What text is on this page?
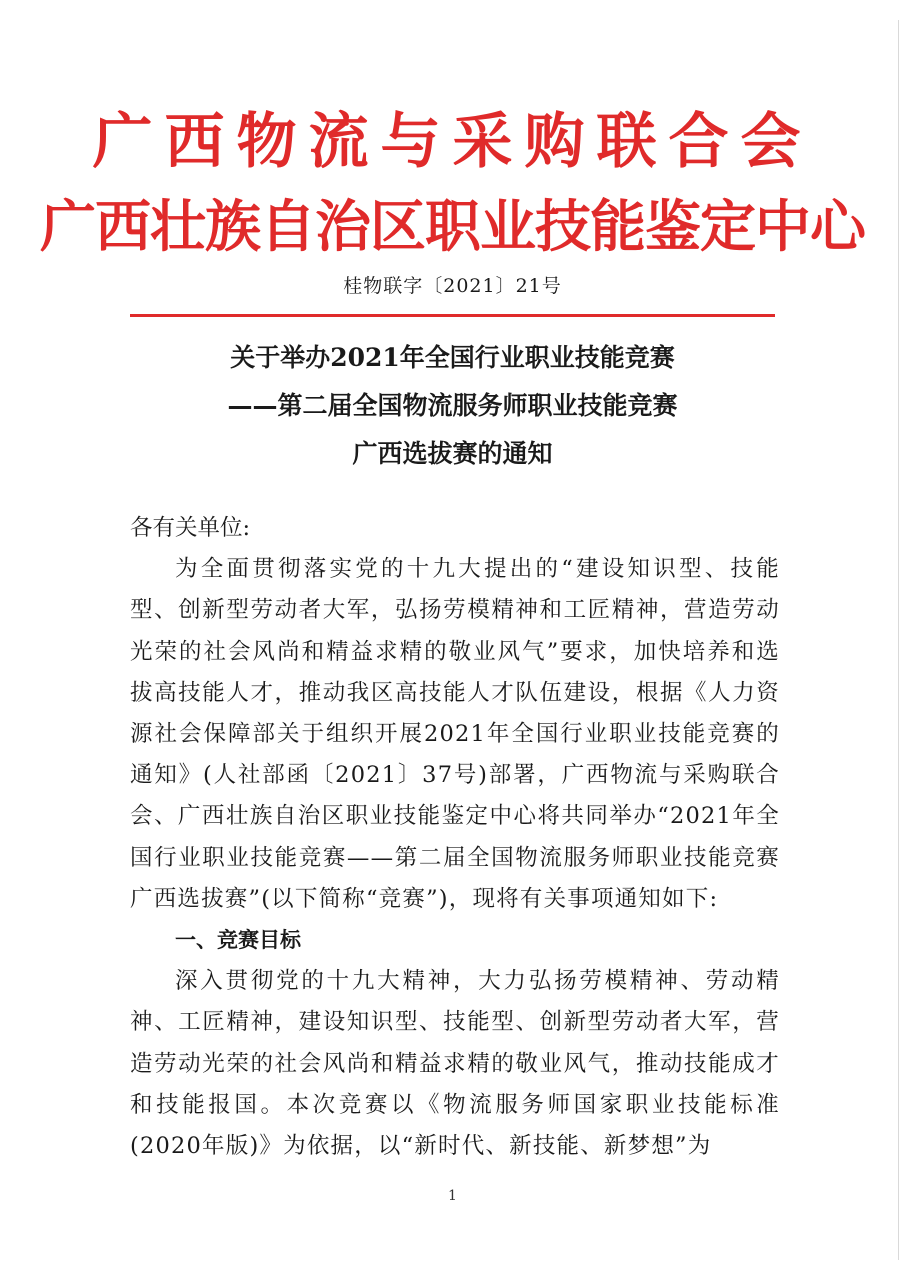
广西物流与采购联合会
广西壮族自治区职业技能鉴定中心
桂物联字〔2021〕21号
关于举办2021年全国行业职业技能竞赛
——第二届全国物流服务师职业技能竞赛
广西选拔赛的通知

各有关单位:

为全面贯彻落实党的十九大提出的“建设知识型、技能型、创新型劳动者大军，弘扬劳模精神和工匠精神，营造劳动光荣的社会风尚和精益求精的敬业风气”要求，加快培养和选拔高技能人才，推动我区高技能人才队伍建设，根据《人力资源社会保障部关于组织开展2021年全国行业职业技能竞赛的通知》(人社部函〔2021〕37号)部署，广西物流与采购联合会、广西壮族自治区职业技能鉴定中心将共同举办“2021年全国行业职业技能竞赛——第二届全国物流服务师职业技能竞赛广西选拔赛”(以下简称“竞赛”)，现将有关事项通知如下:

一、竞赛目标

深入贯彻党的十九大精神，大力弘扬劳模精神、劳动精神、工匠精神，建设知识型、技能型、创新型劳动者大军，营造劳动光荣的社会风尚和精益求精的敬业风气，推动技能成才和技能报国。本次竞赛以《物流服务师国家职业技能标准(2020年版)》为依据，以“新时代、新技能、新梦想”为

1
